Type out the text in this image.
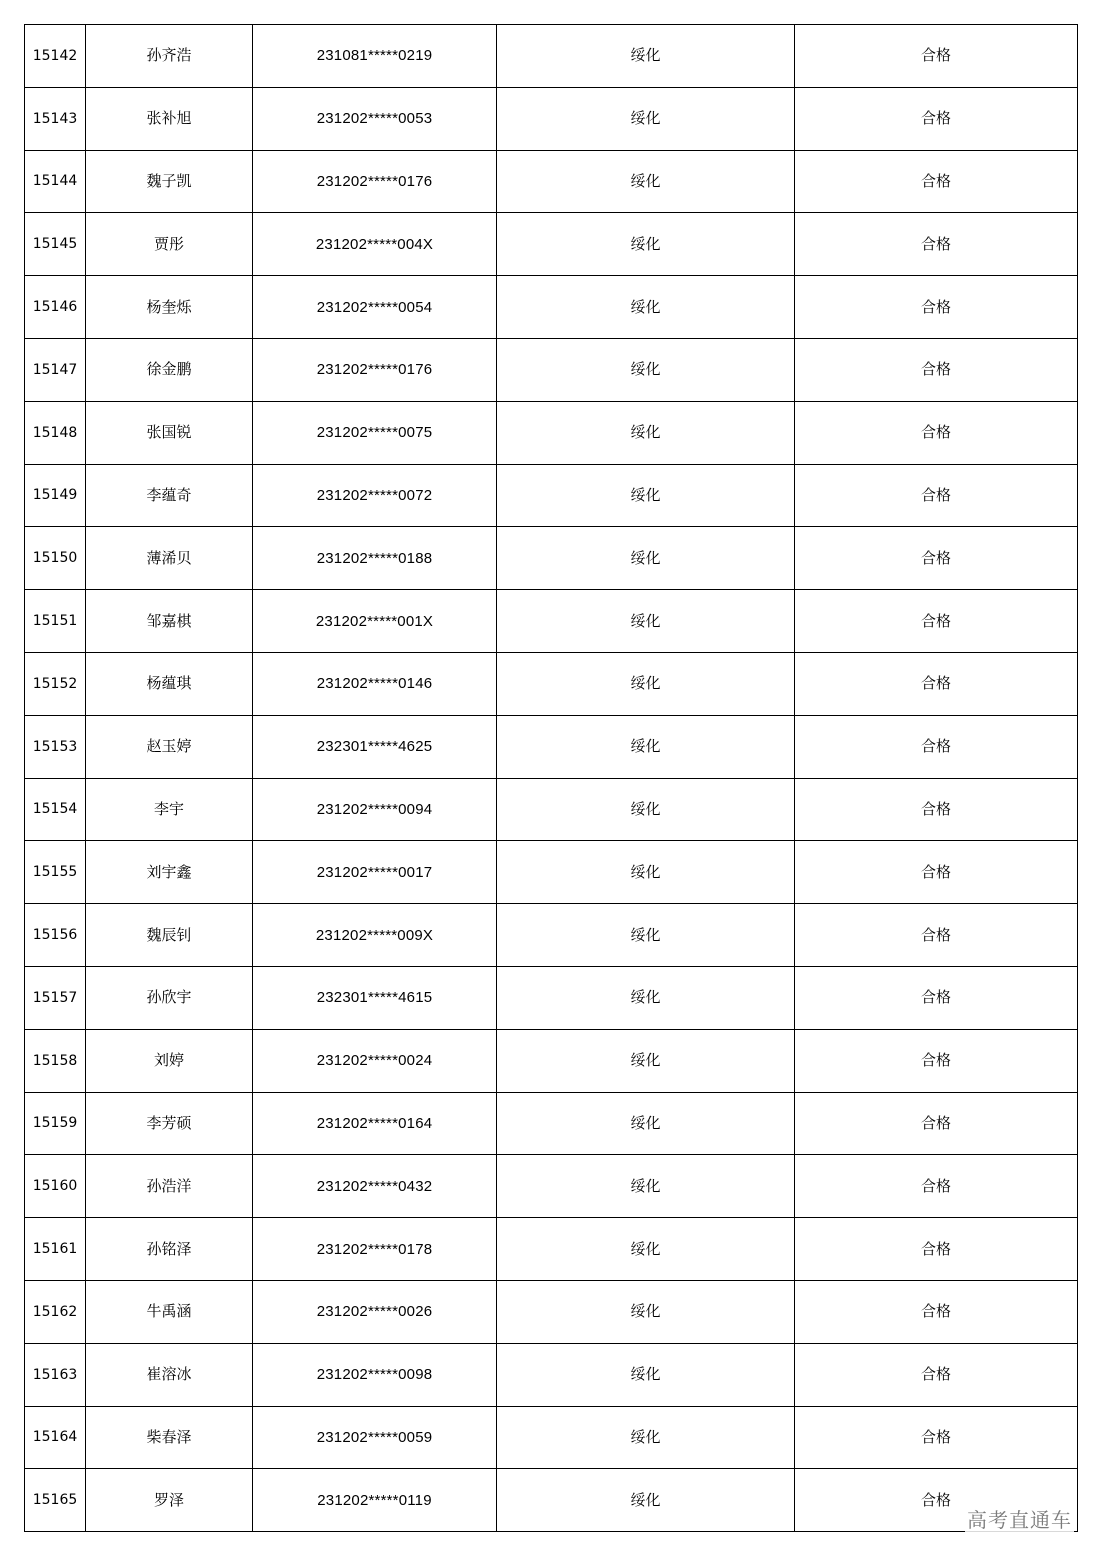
15142	孙齐浩	231081*****0219	绥化	合格
15143	张补旭	231202*****0053	绥化	合格
15144	魏子凯	231202*****0176	绥化	合格
15145	贾彤	231202*****004X	绥化	合格
15146	杨奎烁	231202*****0054	绥化	合格
15147	徐金鹏	231202*****0176	绥化	合格
15148	张国锐	231202*****0075	绥化	合格
15149	李蕴奇	231202*****0072	绥化	合格
15150	薄浠贝	231202*****0188	绥化	合格
15151	邹嘉棋	231202*****001X	绥化	合格
15152	杨蕴琪	231202*****0146	绥化	合格
15153	赵玉婷	232301*****4625	绥化	合格
15154	李宇	231202*****0094	绥化	合格
15155	刘宇鑫	231202*****0017	绥化	合格
15156	魏辰钊	231202*****009X	绥化	合格
15157	孙欣宇	232301*****4615	绥化	合格
15158	刘婷	231202*****0024	绥化	合格
15159	李芳硕	231202*****0164	绥化	合格
15160	孙浩洋	231202*****0432	绥化	合格
15161	孙铭泽	231202*****0178	绥化	合格
15162	牛禹涵	231202*****0026	绥化	合格
15163	崔溶冰	231202*****0098	绥化	合格
15164	柴春泽	231202*****0059	绥化	合格
15165	罗泽	231202*****0119	绥化	合格
高考直通车
